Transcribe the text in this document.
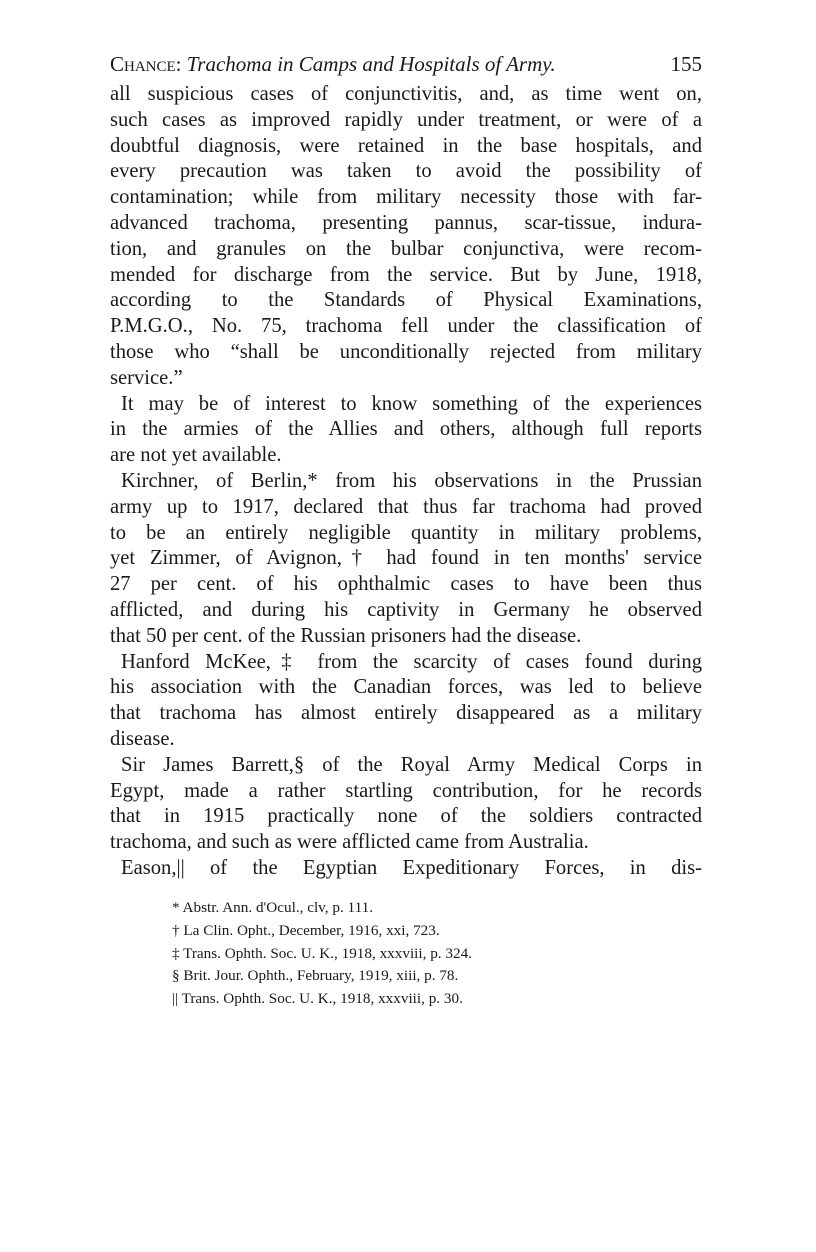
Chance: Trachoma in Camps and Hospitals of Army.	155
all suspicious cases of conjunctivitis, and, as time went on,
such cases as improved rapidly under treatment, or were of a
doubtful diagnosis, were retained in the base hospitals, and
every precaution was taken to avoid the possibility of
contamination; while from military necessity those with far-
advanced trachoma, presenting pannus, scar-tissue, indura-
tion, and granules on the bulbar conjunctiva, were recom-
mended for discharge from the service. But by June, 1918,
according to the Standards of Physical Examinations,
P.M.G.O., No. 75, trachoma fell under the classification of
those who “shall be unconditionally rejected from military
service.”
It may be of interest to know something of the experiences
in the armies of the Allies and others, although full reports
are not yet available.
Kirchner, of Berlin,* from his observations in the Prussian
army up to 1917, declared that thus far trachoma had proved
to be an entirely negligible quantity in military problems,
yet Zimmer, of Avignon,† had found in ten months' service
27 per cent. of his ophthalmic cases to have been thus
afflicted, and during his captivity in Germany he observed
that 50 per cent. of the Russian prisoners had the disease.
Hanford McKee,‡ from the scarcity of cases found during
his association with the Canadian forces, was led to believe
that trachoma has almost entirely disappeared as a military
disease.
Sir James Barrett,§ of the Royal Army Medical Corps in
Egypt, made a rather startling contribution, for he records
that in 1915 practically none of the soldiers contracted
trachoma, and such as were afflicted came from Australia.
Eason,|| of the Egyptian Expeditionary Forces, in dis-
* Abstr. Ann. d'Ocul., clv, p. 111.
† La Clin. Opht., December, 1916, xxi, 723.
‡ Trans. Ophth. Soc. U. K., 1918, xxxviii, p. 324.
§ Brit. Jour. Ophth., February, 1919, xiii, p. 78.
|| Trans. Ophth. Soc. U. K., 1918, xxxviii, p. 30.
